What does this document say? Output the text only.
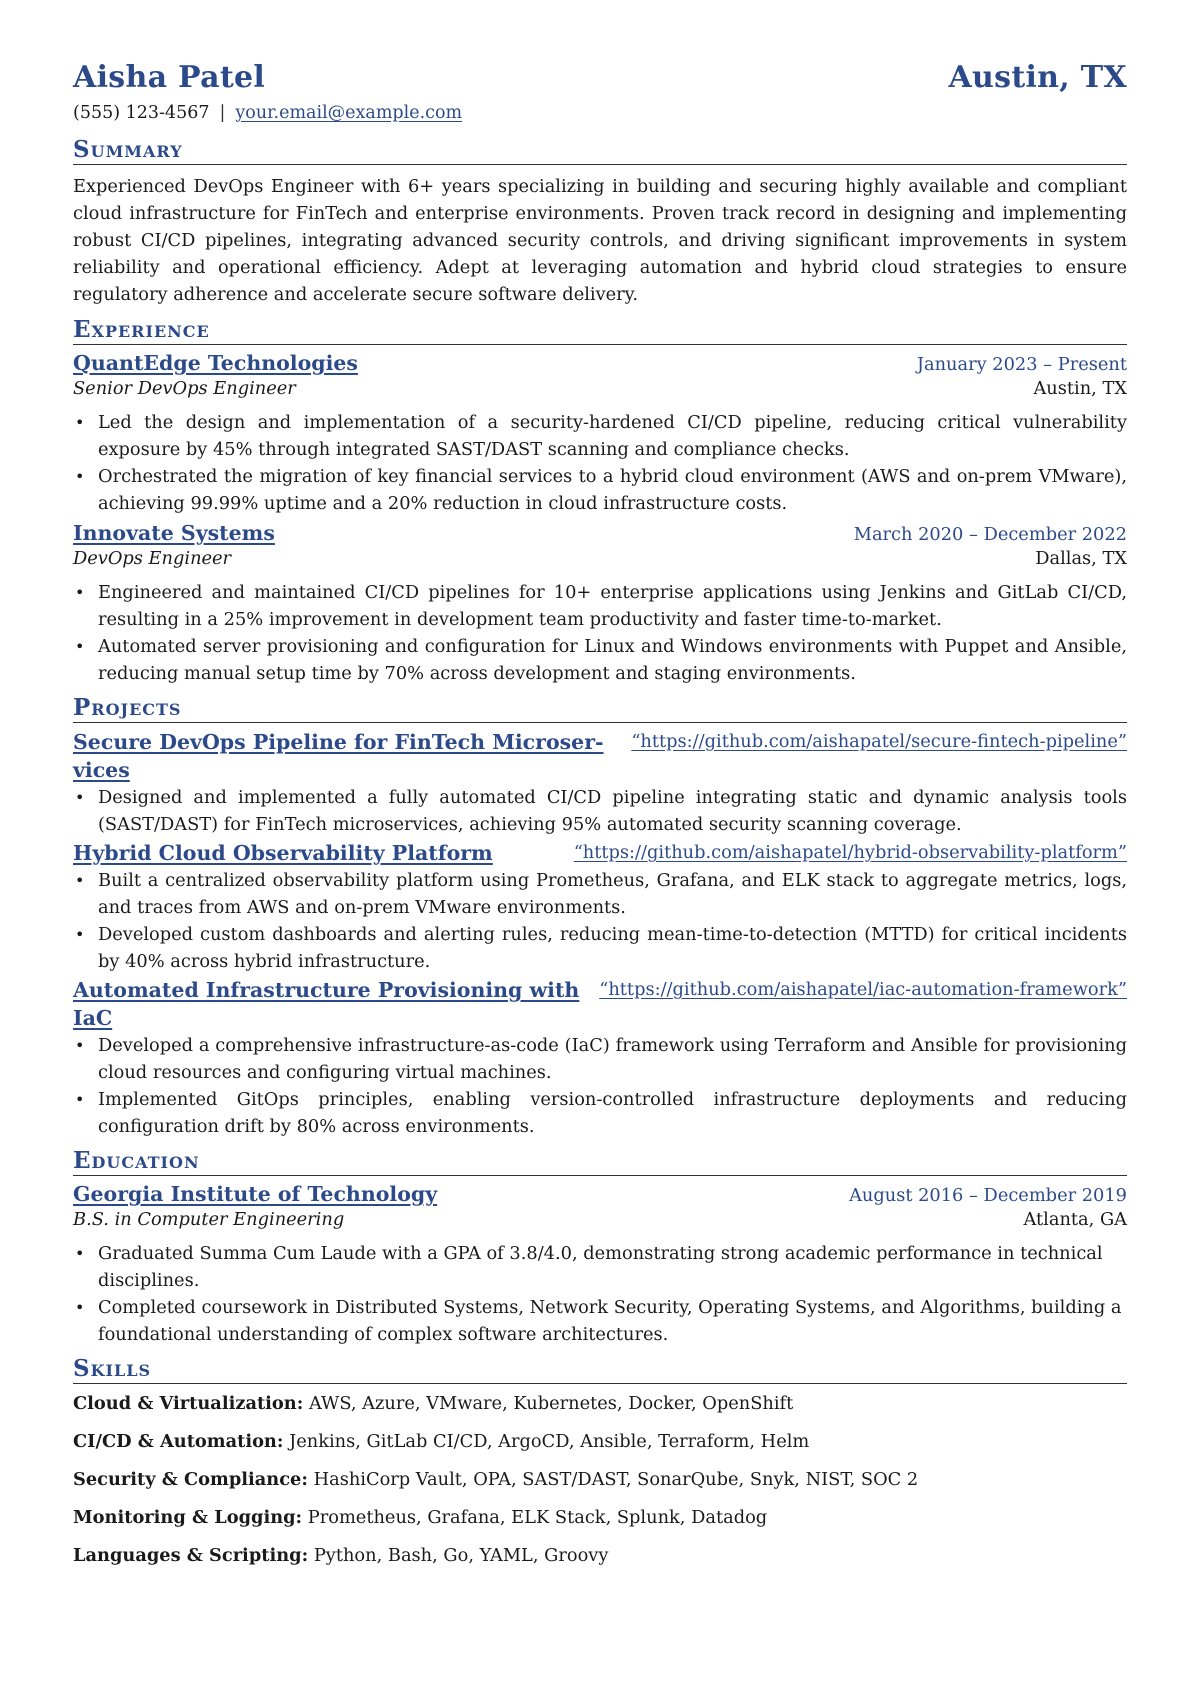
Aisha Patel	Austin, TX
(555) 123-4567 | your.email@example.com
Summary
Experienced DevOps Engineer with 6+ years specializing in building and securing highly available and compliant cloud infrastructure for FinTech and enterprise environments. Proven track record in designing and implementing robust CI/CD pipelines, integrating advanced security controls, and driving significant improvements in system reliability and operational efficiency. Adept at leveraging automation and hybrid cloud strategies to ensure regulatory adherence and accelerate secure software delivery.
Experience
QuantEdge Technologies	January 2023 – Present
Senior DevOps Engineer	Austin, TX
• Led the design and implementation of a security-hardened CI/CD pipeline, reducing critical vulnerability exposure by 45% through integrated SAST/DAST scanning and compliance checks.
• Orchestrated the migration of key financial services to a hybrid cloud environment (AWS and on-prem VMware), achieving 99.99% uptime and a 20% reduction in cloud infrastructure costs.
Innovate Systems	March 2020 – December 2022
DevOps Engineer	Dallas, TX
• Engineered and maintained CI/CD pipelines for 10+ enterprise applications using Jenkins and GitLab CI/CD, resulting in a 25% improvement in development team productivity and faster time-to-market.
• Automated server provisioning and configuration for Linux and Windows environments with Puppet and Ansible, reducing manual setup time by 70% across development and staging environments.
Projects
Secure DevOps Pipeline for FinTech Microser-
vices
“https://github.com/aishapatel/secure-fintech-pipeline”
• Designed and implemented a fully automated CI/CD pipeline integrating static and dynamic analysis tools (SAST/DAST) for FinTech microservices, achieving 95% automated security scanning coverage.
Hybrid Cloud Observability Platform	“https://github.com/aishapatel/hybrid-observability-platform”
• Built a centralized observability platform using Prometheus, Grafana, and ELK stack to aggregate metrics, logs, and traces from AWS and on-prem VMware environments.
• Developed custom dashboards and alerting rules, reducing mean-time-to-detection (MTTD) for critical incidents by 40% across hybrid infrastructure.
Automated Infrastructure Provisioning with
IaC
“https://github.com/aishapatel/iac-automation-framework”
• Developed a comprehensive infrastructure-as-code (IaC) framework using Terraform and Ansible for provisioning cloud resources and configuring virtual machines.
• Implemented GitOps principles, enabling version-controlled infrastructure deployments and reducing configuration drift by 80% across environments.
Education
Georgia Institute of Technology	August 2016 – December 2019
B.S. in Computer Engineering	Atlanta, GA
• Graduated Summa Cum Laude with a GPA of 3.8/4.0, demonstrating strong academic performance in technical disciplines.
• Completed coursework in Distributed Systems, Network Security, Operating Systems, and Algorithms, building a foundational understanding of complex software architectures.
Skills
Cloud & Virtualization: AWS, Azure, VMware, Kubernetes, Docker, OpenShift
CI/CD & Automation: Jenkins, GitLab CI/CD, ArgoCD, Ansible, Terraform, Helm
Security & Compliance: HashiCorp Vault, OPA, SAST/DAST, SonarQube, Snyk, NIST, SOC 2
Monitoring & Logging: Prometheus, Grafana, ELK Stack, Splunk, Datadog
Languages & Scripting: Python, Bash, Go, YAML, Groovy
